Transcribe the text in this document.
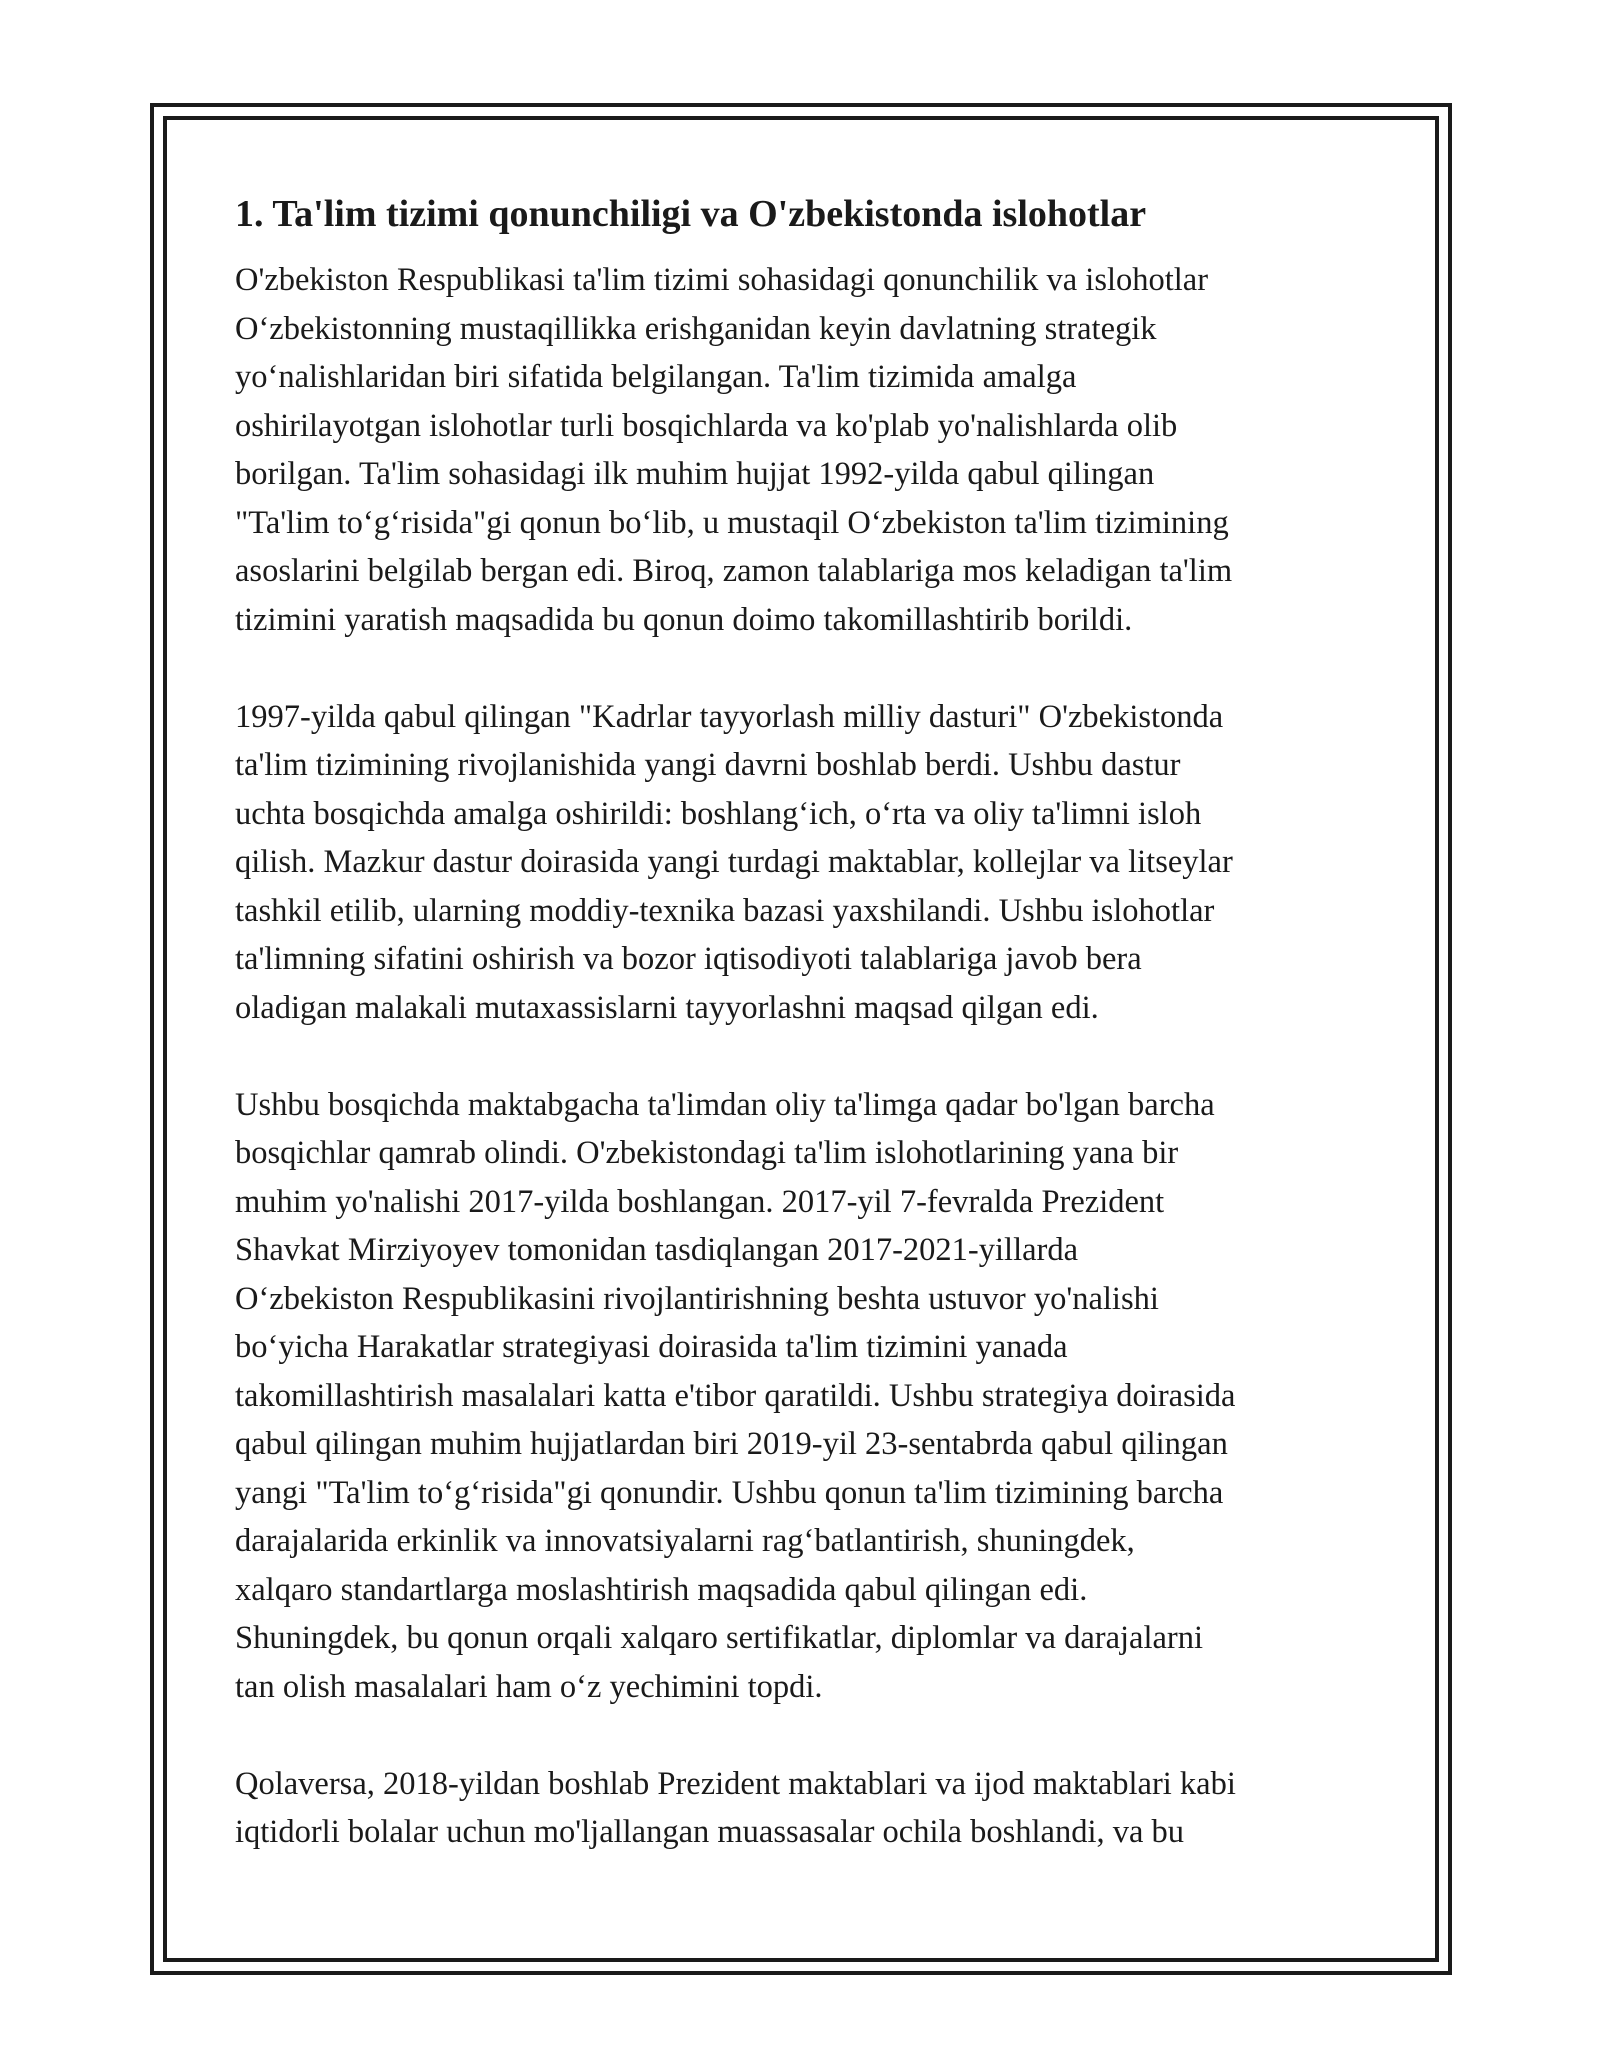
1. Ta'lim tizimi qonunchiligi va O'zbekistonda islohotlar

O'zbekiston Respublikasi ta'lim tizimi sohasidagi qonunchilik va islohotlar
O‘zbekistonning mustaqillikka erishganidan keyin davlatning strategik
yo‘nalishlaridan biri sifatida belgilangan. Ta'lim tizimida amalga
oshirilayotgan islohotlar turli bosqichlarda va ko'plab yo'nalishlarda olib
borilgan. Ta'lim sohasidagi ilk muhim hujjat 1992-yilda qabul qilingan
"Ta'lim to‘g‘risida"gi qonun bo‘lib, u mustaqil O‘zbekiston ta'lim tizimining
asoslarini belgilab bergan edi. Biroq, zamon talablariga mos keladigan ta'lim
tizimini yaratish maqsadida bu qonun doimo takomillashtirib borildi.

1997-yilda qabul qilingan "Kadrlar tayyorlash milliy dasturi" O'zbekistonda
ta'lim tizimining rivojlanishida yangi davrni boshlab berdi. Ushbu dastur
uchta bosqichda amalga oshirildi: boshlang‘ich, o‘rta va oliy ta'limni isloh
qilish. Mazkur dastur doirasida yangi turdagi maktablar, kollejlar va litseylar
tashkil etilib, ularning moddiy-texnika bazasi yaxshilandi. Ushbu islohotlar
ta'limning sifatini oshirish va bozor iqtisodiyoti talablariga javob bera
oladigan malakali mutaxassislarni tayyorlashni maqsad qilgan edi.

Ushbu bosqichda maktabgacha ta'limdan oliy ta'limga qadar bo'lgan barcha
bosqichlar qamrab olindi. O'zbekistondagi ta'lim islohotlarining yana bir
muhim yo'nalishi 2017-yilda boshlangan. 2017-yil 7-fevralda Prezident
Shavkat Mirziyoyev tomonidan tasdiqlangan 2017-2021-yillarda
O‘zbekiston Respublikasini rivojlantirishning beshta ustuvor yo'nalishi
bo‘yicha Harakatlar strategiyasi doirasida ta'lim tizimini yanada
takomillashtirish masalalari katta e'tibor qaratildi. Ushbu strategiya doirasida
qabul qilingan muhim hujjatlardan biri 2019-yil 23-sentabrda qabul qilingan
yangi "Ta'lim to‘g‘risida"gi qonundir. Ushbu qonun ta'lim tizimining barcha
darajalarida erkinlik va innovatsiyalarni rag‘batlantirish, shuningdek,
xalqaro standartlarga moslashtirish maqsadida qabul qilingan edi.
Shuningdek, bu qonun orqali xalqaro sertifikatlar, diplomlar va darajalarni
tan olish masalalari ham o‘z yechimini topdi.

Qolaversa, 2018-yildan boshlab Prezident maktablari va ijod maktablari kabi
iqtidorli bolalar uchun mo'ljallangan muassasalar ochila boshlandi, va bu
